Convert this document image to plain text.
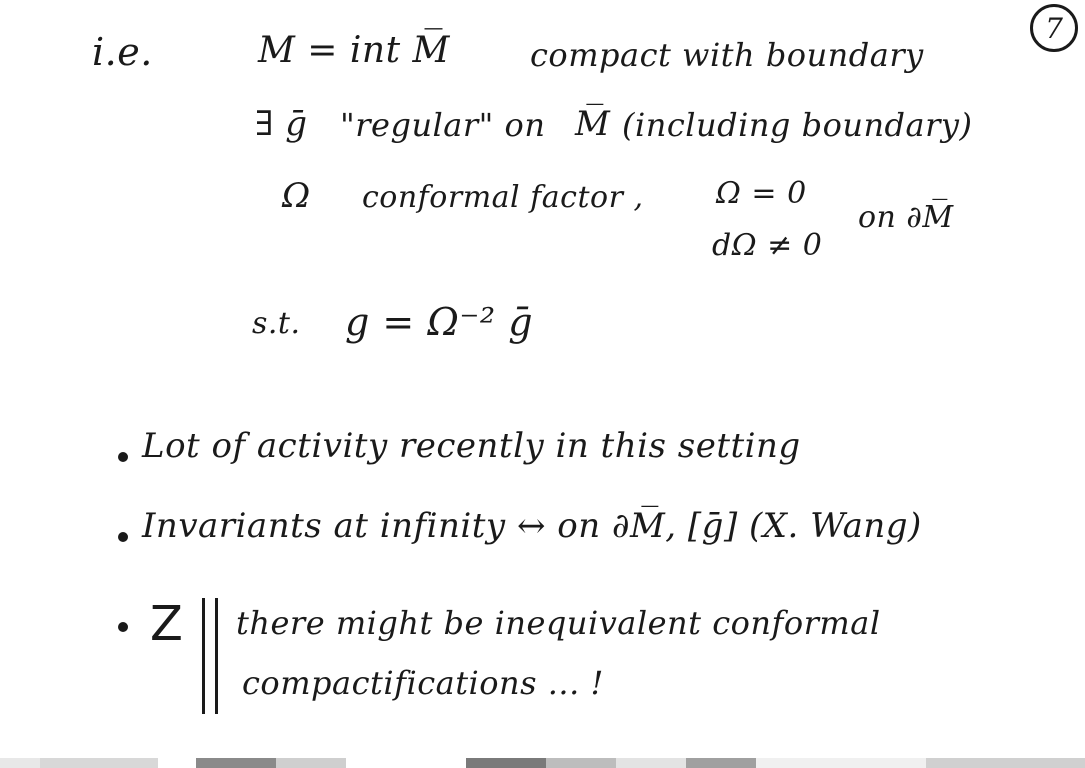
7
i.e.	M = int M̅	compact with boundary
∃ ḡ "regular" on M̅ (including boundary)
Ω conformal factor , Ω = 0
dΩ ≠ 0
on ∂M̅
s.t. g = Ω⁻² ḡ
Lot of activity recently in this setting
Invariants at infinity ↔ on ∂M̅, [ḡ] (X. Wang)
Z there might be inequivalent conformal
compactifications ... !
